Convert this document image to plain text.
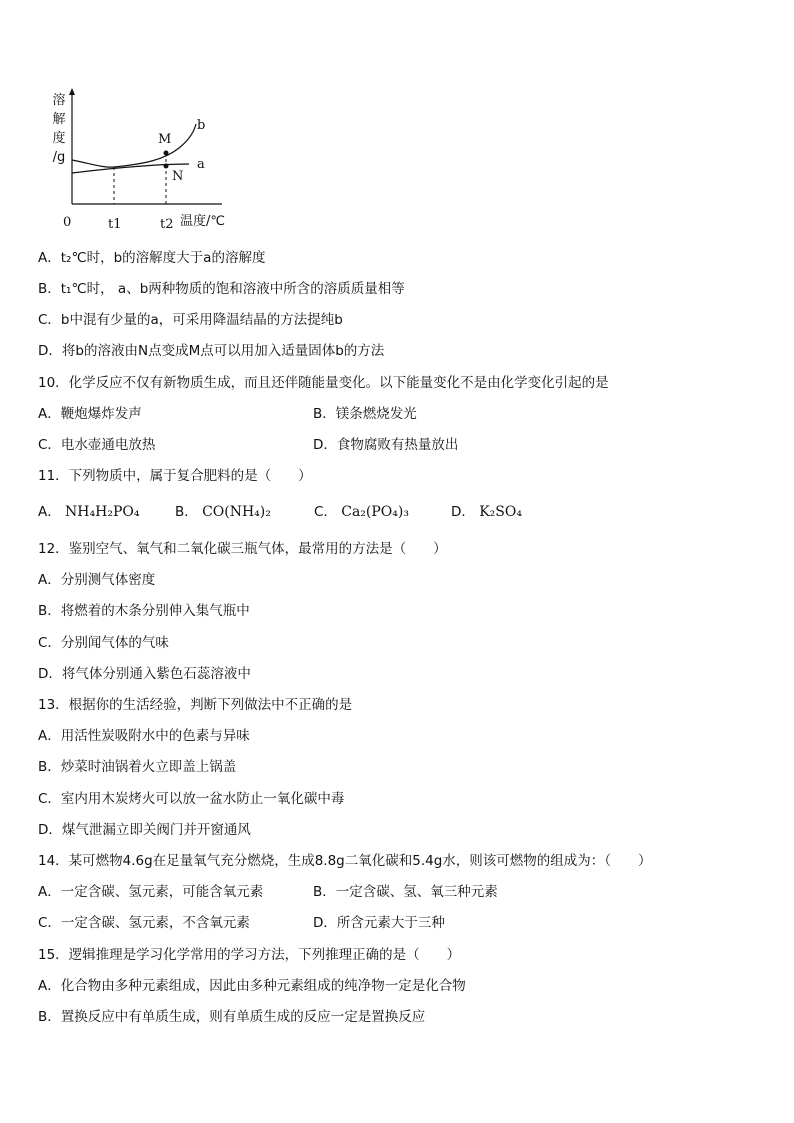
溶
解
度
/g
0	t1	t2 温度/℃
b
a
M
N
A．t₂℃时，b的溶解度大于a的溶解度
B．t₁℃时， a、b两种物质的饱和溶液中所含的溶质质量相等
C．b中混有少量的a，可采用降温结晶的方法提纯b
D．将b的溶液由N点变成M点可以用加入适量固体b的方法
10．化学反应不仅有新物质生成，而且还伴随能量变化。以下能量变化不是由化学变化引起的是
A．鞭炮爆炸发声	B．镁条燃烧发光
C．电水壶通电放热	D．食物腐败有热量放出
11．下列物质中，属于复合肥料的是（　　）
A． NH₄H₂PO₄	B． CO(NH₄)₂	C． Ca₂(PO₄)₃	D． K₂SO₄
12．鉴别空气、氧气和二氧化碳三瓶气体，最常用的方法是（　　）
A．分别测气体密度
B．将燃着的木条分别伸入集气瓶中
C．分别闻气体的气味
D．将气体分别通入紫色石蕊溶液中
13．根据你的生活经验，判断下列做法中不正确的是
A．用活性炭吸附水中的色素与异味
B．炒菜时油锅着火立即盖上锅盖
C．室内用木炭烤火可以放一盆水防止一氧化碳中毒
D．煤气泄漏立即关阀门并开窗通风
14．某可燃物4.6g在足量氧气充分燃烧，生成8.8g二氧化碳和5.4g水，则该可燃物的组成为：（　　）
A．一定含碳、氢元素，可能含氧元素	B．一定含碳、氢、氧三种元素
C．一定含碳、氢元素，不含氧元素	D．所含元素大于三种
15．逻辑推理是学习化学常用的学习方法，下列推理正确的是（　　）
A．化合物由多种元素组成，因此由多种元素组成的纯净物一定是化合物
B．置换反应中有单质生成，则有单质生成的反应一定是置换反应
